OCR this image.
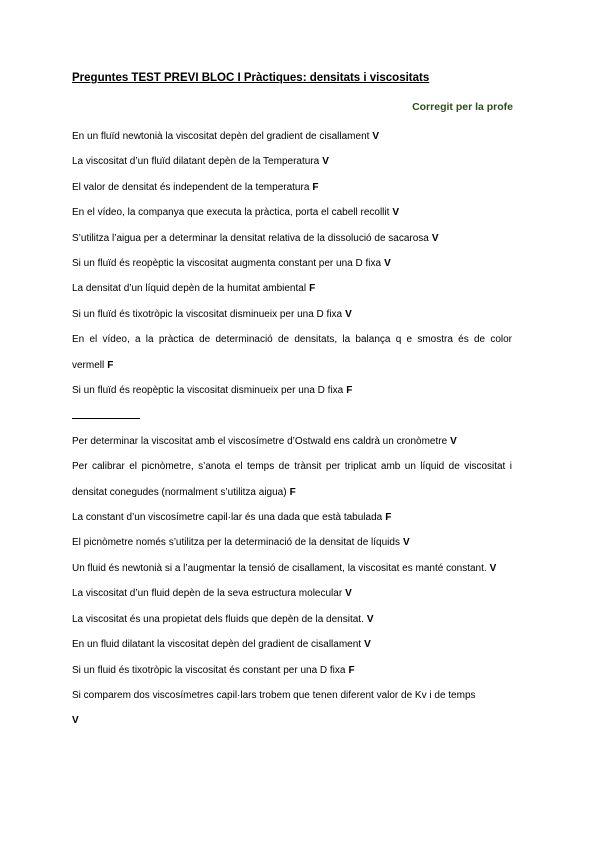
Preguntes TEST PREVI BLOC I Pràctiques: densitats i viscositats
Corregit per la profe

En un fluïd newtonià la viscositat depèn del gradient de cisallament V

La viscositat d’un fluïd dilatant depèn de la Temperatura V

El valor de densitat és independent de la temperatura F

En el vídeo, la companya que executa la pràctica, porta el cabell recollit V

S’utilitza l’aigua per a determinar la densitat relativa de la dissolució de sacarosa V

Si un fluïd és reopèptic la viscositat augmenta constant per una D fixa V

La densitat d’un líquid depèn de la humitat ambiental F

Si un fluïd és tixotròpic la viscositat disminueix per una D fixa V

En el vídeo, a la pràctica de determinació de densitats, la balança q e smostra és de color vermell F

Si un fluïd és reopèptic la viscositat disminueix per una D fixa F

Per determinar la viscositat amb el viscosímetre d’Ostwald ens caldrà un cronòmetre V

Per calibrar el picnòmetre, s’anota el temps de trànsit per triplicat amb un líquid de viscositat i densitat conegudes (normalment s’utilitza aigua) F

La constant d’un viscosímetre capil·lar és una dada que està tabulada F

El picnòmetre només s’utilitza per la determinació de la densitat de líquids V

Un fluid és newtonià si a l’augmentar la tensió de cisallament, la viscositat es manté constant. V

La viscositat d’un fluid depèn de la seva estructura molecular V

La viscositat és una propietat dels fluids que depèn de la densitat. V

En un fluid dilatant la viscositat depèn del gradient de cisallament V

Si un fluid és tixotròpic la viscositat és constant per una D fixa F

Si comparem dos viscosímetres capil·lars trobem que tenen diferent valor de Kv i de temps
V
